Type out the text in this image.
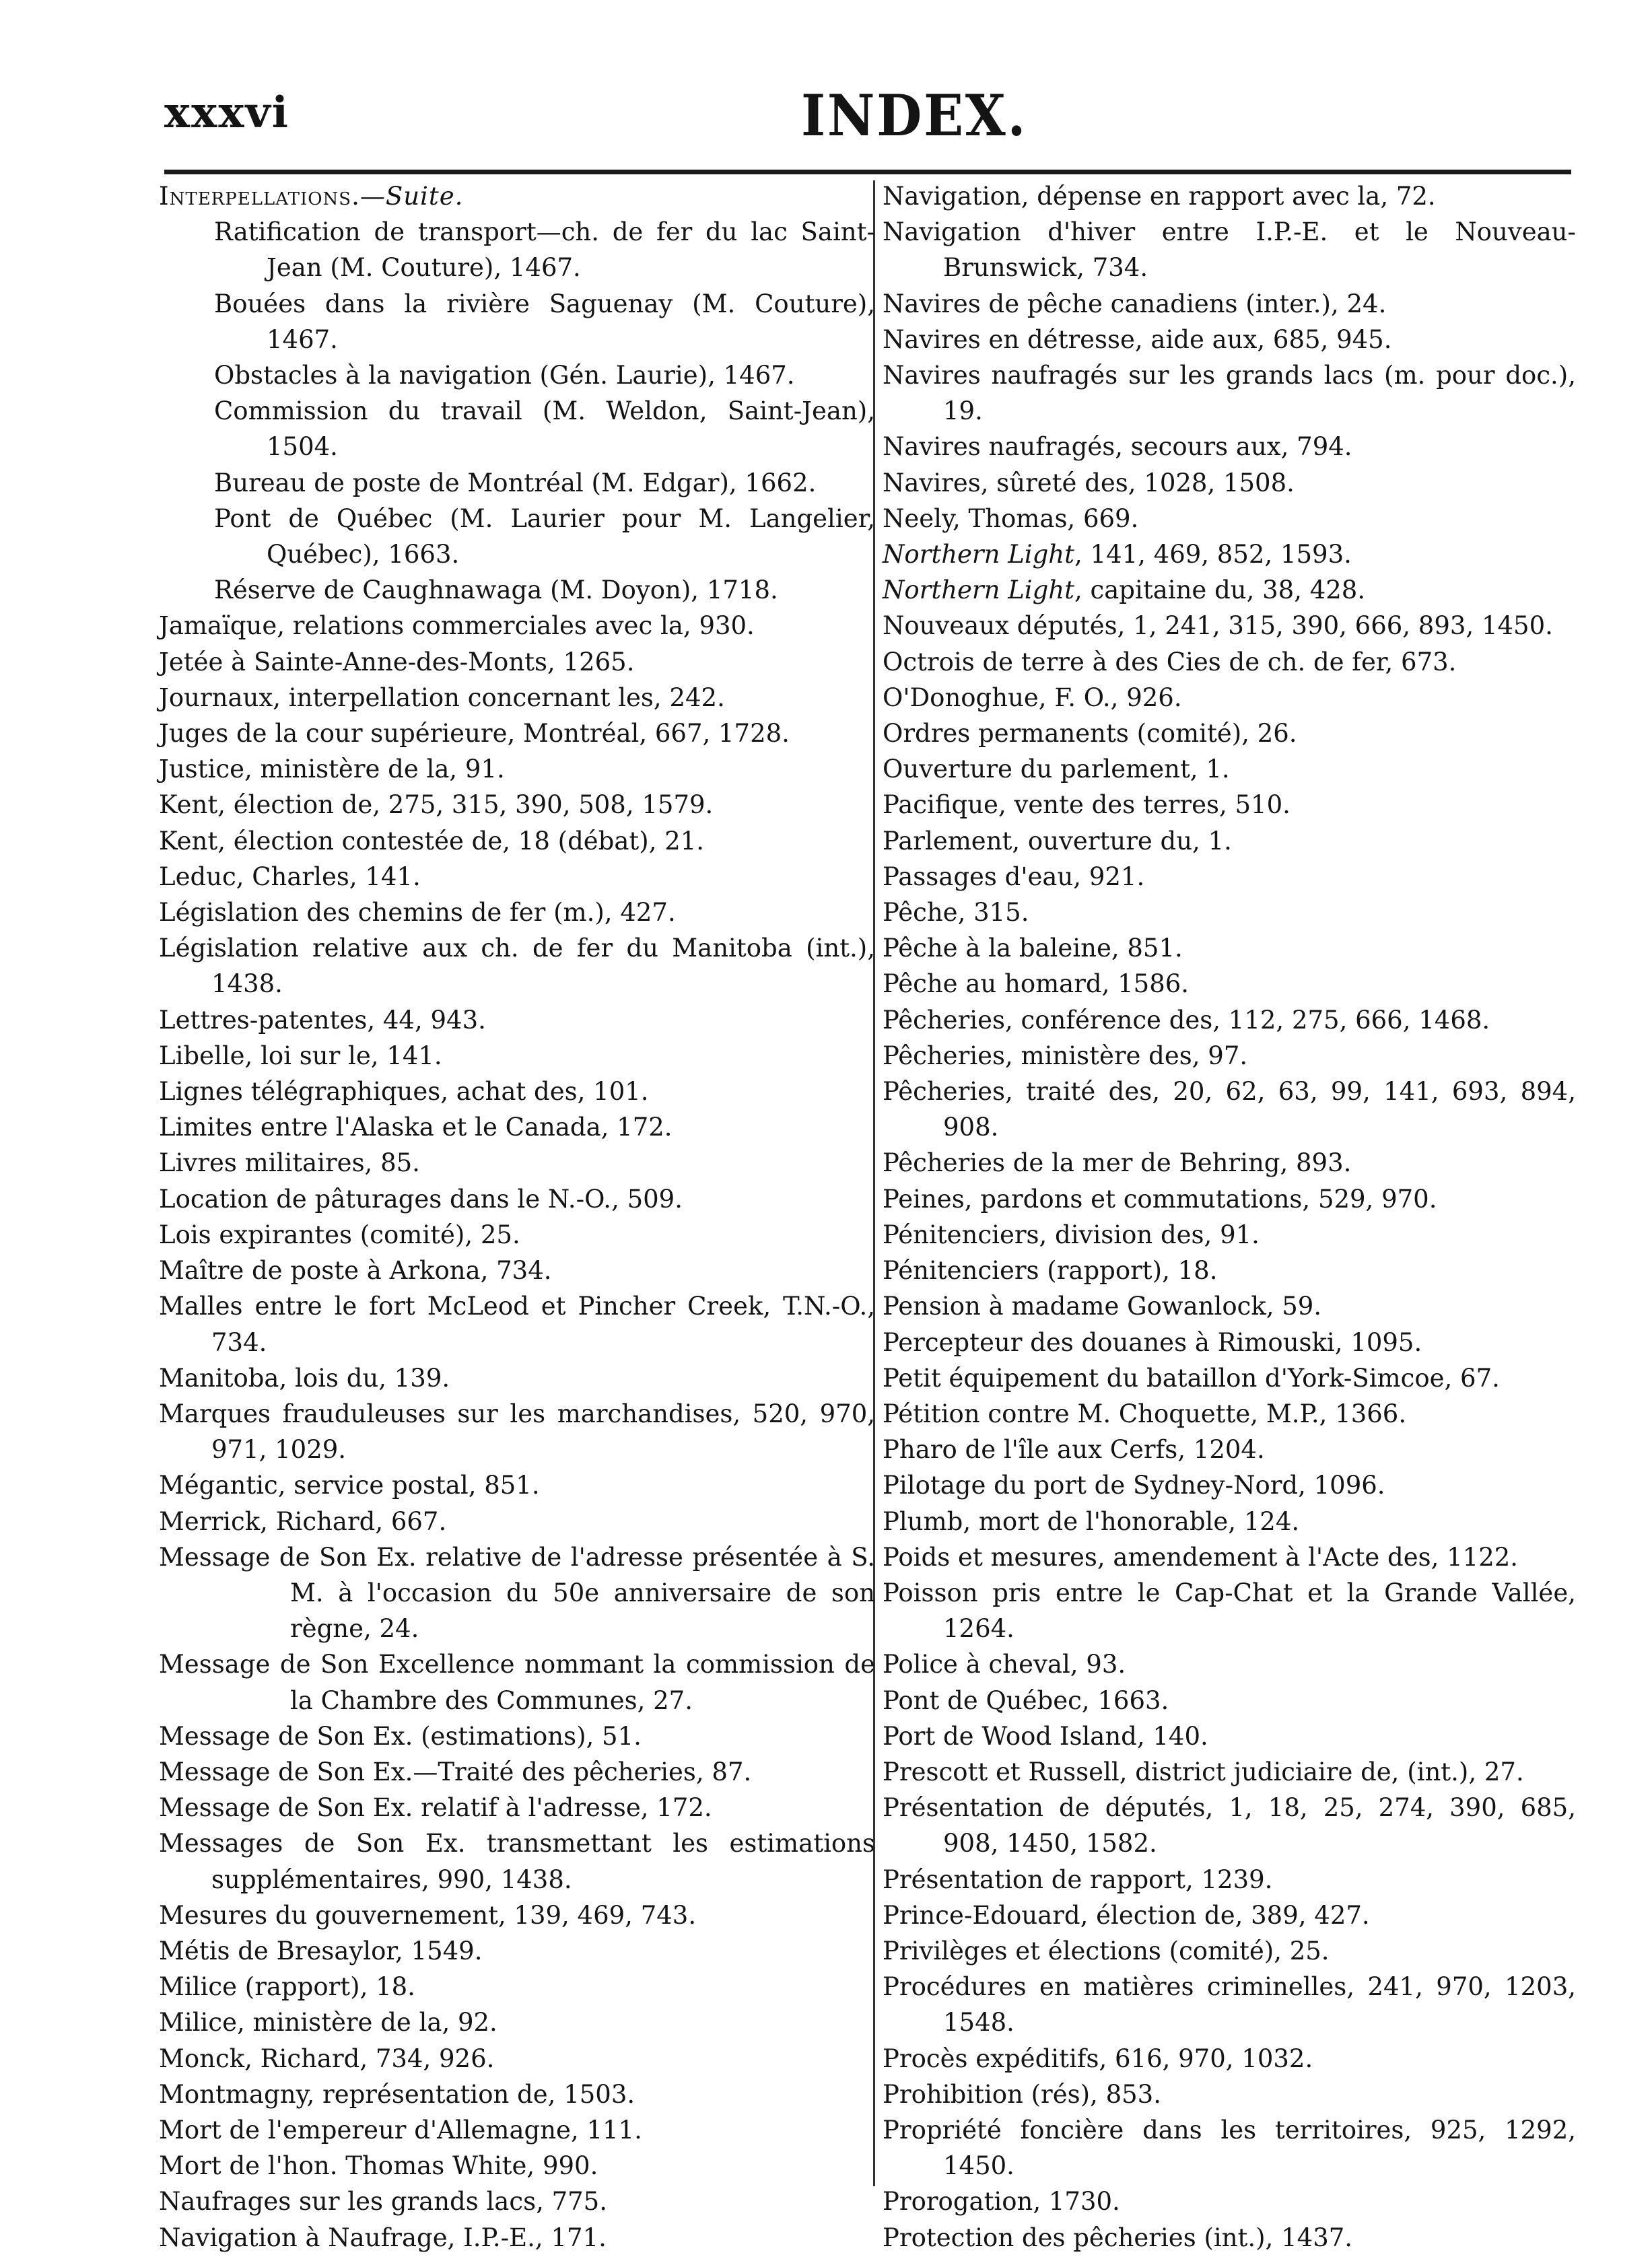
xxxvi	INDEX.

Interpellations.—Suite.

Ratification de transport—ch. de fer du lac Saint-Jean (M. Couture), 1467.

Bouées dans la rivière Saguenay (M. Couture), 1467.

Obstacles à la navigation (Gén. Laurie), 1467.

Commission du travail (M. Weldon, Saint-Jean), 1504.

Bureau de poste de Montréal (M. Edgar), 1662.

Pont de Québec (M. Laurier pour M. Langelier, Québec), 1663.

Réserve de Caughnawaga (M. Doyon), 1718.

Jamaïque, relations commerciales avec la, 930.

Jetée à Sainte-Anne-des-Monts, 1265.

Journaux, interpellation concernant les, 242.

Juges de la cour supérieure, Montréal, 667, 1728.

Justice, ministère de la, 91.

Kent, élection de, 275, 315, 390, 508, 1579.

Kent, élection contestée de, 18 (débat), 21.

Leduc, Charles, 141.

Législation des chemins de fer (m.), 427.

Législation relative aux ch. de fer du Manitoba (int.), 1438.

Lettres-patentes, 44, 943.

Libelle, loi sur le, 141.

Lignes télégraphiques, achat des, 101.

Limites entre l'Alaska et le Canada, 172.

Livres militaires, 85.

Location de pâturages dans le N.-O., 509.

Lois expirantes (comité), 25.

Maître de poste à Arkona, 734.

Malles entre le fort McLeod et Pincher Creek, T.N.-O., 734.

Manitoba, lois du, 139.

Marques frauduleuses sur les marchandises, 520, 970, 971, 1029.

Mégantic, service postal, 851.

Merrick, Richard, 667.

Message de Son Ex. relative de l'adresse présentée à S. M. à l'occasion du 50e anniversaire de son règne, 24.

Message de Son Excellence nommant la commission de la Chambre des Communes, 27.

Message de Son Ex. (estimations), 51.

Message de Son Ex.—Traité des pêcheries, 87.

Message de Son Ex. relatif à l'adresse, 172.

Messages de Son Ex. transmettant les estimations supplémentaires, 990, 1438.

Mesures du gouvernement, 139, 469, 743.

Métis de Bresaylor, 1549.

Milice (rapport), 18.

Milice, ministère de la, 92.

Monck, Richard, 734, 926.

Montmagny, représentation de, 1503.

Mort de l'empereur d'Allemagne, 111.

Mort de l'hon. Thomas White, 990.

Naufrages sur les grands lacs, 775.

Navigation à Naufrage, I.P.-E., 171.

Navigation, dépense en rapport avec la, 72.

Navigation d'hiver entre I.P.-E. et le Nouveau-Brunswick, 734.

Navires de pêche canadiens (inter.), 24.

Navires en détresse, aide aux, 685, 945.

Navires naufragés sur les grands lacs (m. pour doc.), 19.

Navires naufragés, secours aux, 794.

Navires, sûreté des, 1028, 1508.

Neely, Thomas, 669.

Northern Light, 141, 469, 852, 1593.

Northern Light, capitaine du, 38, 428.

Nouveaux députés, 1, 241, 315, 390, 666, 893, 1450.

Octrois de terre à des Cies de ch. de fer, 673.

O'Donoghue, F. O., 926.

Ordres permanents (comité), 26.

Ouverture du parlement, 1.

Pacifique, vente des terres, 510.

Parlement, ouverture du, 1.

Passages d'eau, 921.

Pêche, 315.

Pêche à la baleine, 851.

Pêche au homard, 1586.

Pêcheries, conférence des, 112, 275, 666, 1468.

Pêcheries, ministère des, 97.

Pêcheries, traité des, 20, 62, 63, 99, 141, 693, 894, 908.

Pêcheries de la mer de Behring, 893.

Peines, pardons et commutations, 529, 970.

Pénitenciers, division des, 91.

Pénitenciers (rapport), 18.

Pension à madame Gowanlock, 59.

Percepteur des douanes à Rimouski, 1095.

Petit équipement du bataillon d'York-Simcoe, 67.

Pétition contre M. Choquette, M.P., 1366.

Pharo de l'île aux Cerfs, 1204.

Pilotage du port de Sydney-Nord, 1096.

Plumb, mort de l'honorable, 124.

Poids et mesures, amendement à l'Acte des, 1122.

Poisson pris entre le Cap-Chat et la Grande Vallée, 1264.

Police à cheval, 93.

Pont de Québec, 1663.

Port de Wood Island, 140.

Prescott et Russell, district judiciaire de, (int.), 27.

Présentation de députés, 1, 18, 25, 274, 390, 685, 908, 1450, 1582.

Présentation de rapport, 1239.

Prince-Edouard, élection de, 389, 427.

Privilèges et élections (comité), 25.

Procédures en matières criminelles, 241, 970, 1203, 1548.

Procès expéditifs, 616, 970, 1032.

Prohibition (rés), 853.

Propriété foncière dans les territoires, 925, 1292, 1450.

Prorogation, 1730.

Protection des pêcheries (int.), 1437.
